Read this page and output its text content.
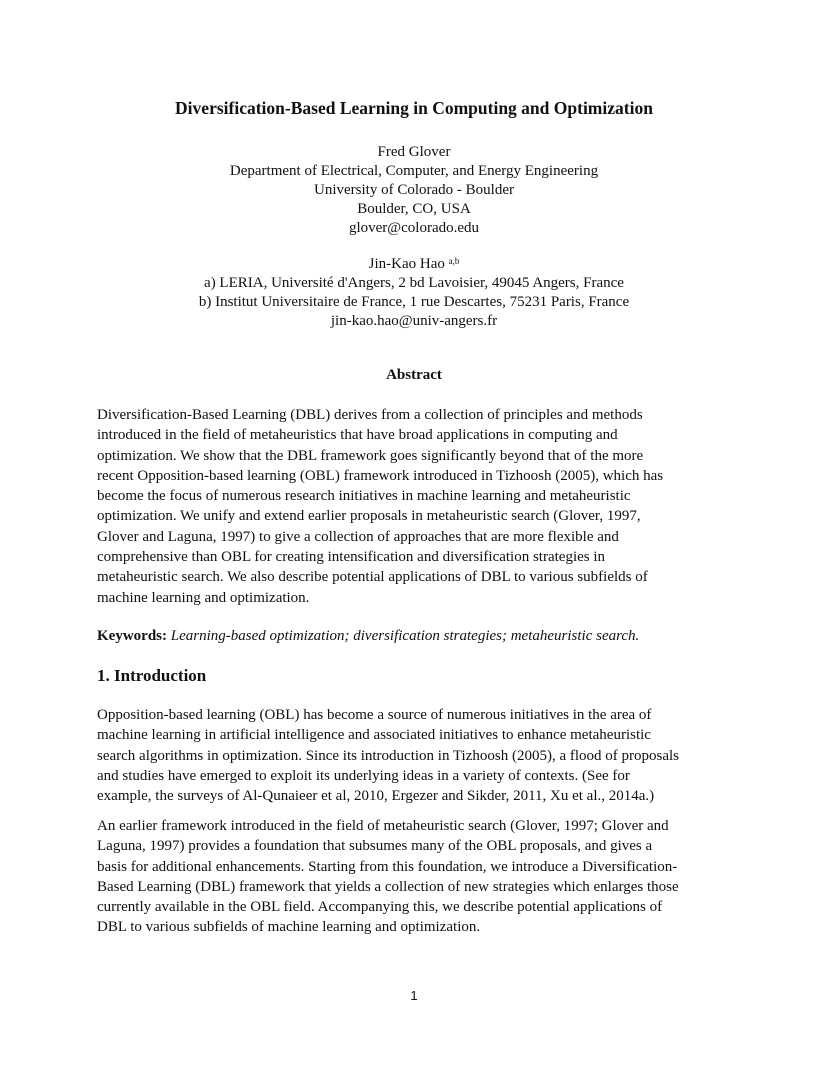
Diversification-Based Learning in Computing and Optimization
Fred Glover
Department of Electrical, Computer, and Energy Engineering
University of Colorado - Boulder
Boulder, CO, USA
glover@colorado.edu
Jin-Kao Hao $^{a,b}$
a) LERIA, Université d'Angers, 2 bd Lavoisier, 49045 Angers, France
b) Institut Universitaire de France, 1 rue Descartes, 75231 Paris, France
jin-kao.hao@univ-angers.fr
Abstract
Diversification-Based Learning (DBL) derives from a collection of principles and methods
introduced in the field of metaheuristics that have broad applications in computing and
optimization. We show that the DBL framework goes significantly beyond that of the more
recent Opposition-based learning (OBL) framework introduced in Tizhoosh (2005), which has
become the focus of numerous research initiatives in machine learning and metaheuristic
optimization. We unify and extend earlier proposals in metaheuristic search (Glover, 1997,
Glover and Laguna, 1997) to give a collection of approaches that are more flexible and
comprehensive than OBL for creating intensification and diversification strategies in
metaheuristic search. We also describe potential applications of DBL to various subfields of
machine learning and optimization.
Keywords: Learning-based optimization; diversification strategies; metaheuristic search.
1. Introduction
Opposition-based learning (OBL) has become a source of numerous initiatives in the area of
machine learning in artificial intelligence and associated initiatives to enhance metaheuristic
search algorithms in optimization. Since its introduction in Tizhoosh (2005), a flood of proposals
and studies have emerged to exploit its underlying ideas in a variety of contexts. (See for
example, the surveys of Al-Qunaieer et al, 2010, Ergezer and Sikder, 2011, Xu et al., 2014a.)
An earlier framework introduced in the field of metaheuristic search (Glover, 1997; Glover and
Laguna, 1997) provides a foundation that subsumes many of the OBL proposals, and gives a
basis for additional enhancements. Starting from this foundation, we introduce a Diversification-
Based Learning (DBL) framework that yields a collection of new strategies which enlarges those
currently available in the OBL field. Accompanying this, we describe potential applications of
DBL to various subfields of machine learning and optimization.
1
